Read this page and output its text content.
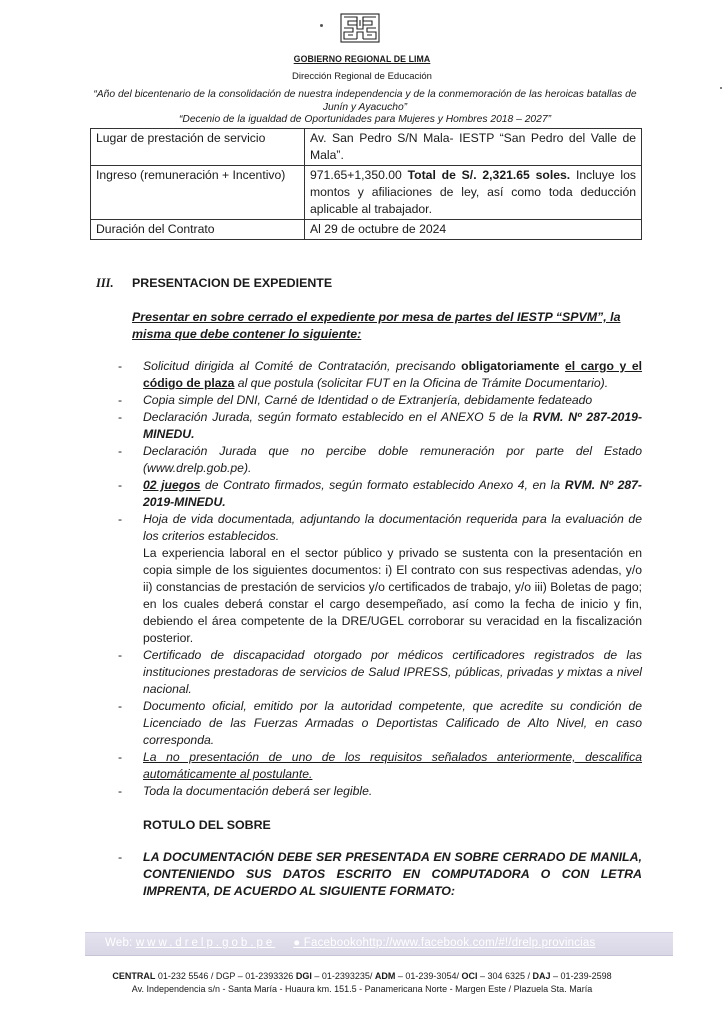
GOBIERNO REGIONAL DE LIMA
Dirección Regional de Educación
“Año del bicentenario de la consolidación de nuestra independencia y de la conmemoración de las heroicas batallas de Junín y Ayacucho”
“Decenio de la igualdad de Oportunidades para Mujeres y Hombres 2018 – 2027”
Lugar de prestación de servicio	Av. San Pedro S/N Mala- IESTP “San Pedro del Valle de Mala”.
Ingreso (remuneración + Incentivo)	971.65+1,350.00 Total de S/. 2,321.65 soles. Incluye los montos y afiliaciones de ley, así como toda deducción aplicable al trabajador.
Duración del Contrato	Al 29 de octubre de 2024
III. PRESENTACION DE EXPEDIENTE
Presentar en sobre cerrado el expediente por mesa de partes del IESTP “SPVM”, la misma que debe contener lo siguiente:
- Solicitud dirigida al Comité de Contratación, precisando obligatoriamente el cargo y el código de plaza al que postula (solicitar FUT en la Oficina de Trámite Documentario).
- Copia simple del DNI, Carné de Identidad o de Extranjería, debidamente fedateado
- Declaración Jurada, según formato establecido en el ANEXO 5 de la RVM. Nº 287-2019-MINEDU.
- Declaración Jurada que no percibe doble remuneración por parte del Estado (www.drelp.gob.pe).
- 02 juegos de Contrato firmados, según formato establecido Anexo 4, en la RVM. Nº 287-2019-MINEDU.
- Hoja de vida documentada, adjuntando la documentación requerida para la evaluación de los criterios establecidos.
La experiencia laboral en el sector público y privado se sustenta con la presentación en copia simple de los siguientes documentos: i) El contrato con sus respectivas adendas, y/o ii) constancias de prestación de servicios y/o certificados de trabajo, y/o iii) Boletas de pago; en los cuales deberá constar el cargo desempeñado, así como la fecha de inicio y fin, debiendo el área competente de la DRE/UGEL corroborar su veracidad en la fiscalización posterior.
- Certificado de discapacidad otorgado por médicos certificadores registrados de las instituciones prestadoras de servicios de Salud IPRESS, públicas, privadas y mixtas a nivel nacional.
- Documento oficial, emitido por la autoridad competente, que acredite su condición de Licenciado de las Fuerzas Armadas o Deportistas Calificado de Alto Nivel, en caso corresponda.
- La no presentación de uno de los requisitos señalados anteriormente, descalifica automáticamente al postulante.
- Toda la documentación deberá ser legible.
ROTULO DEL SOBRE
-	LA DOCUMENTACIÓN DEBE SER PRESENTADA EN SOBRE CERRADO DE MANILA, CONTENIENDO SUS DATOS ESCRITO EN COMPUTADORA O CON LETRA IMPRENTA, DE ACUERDO AL SIGUIENTE FORMATO:
Web: www.drelp.gob.pe ● Facebookohttp://www.facebook.com/#!/drelp.provincias
CENTRAL 01-232 5546 / DGP – 01-2393326 DGI – 01-2393235/ ADM – 01-239-3054/ OCI – 304 6325 / DAJ – 01-239-2598
Av. Independencia s/n - Santa María - Huaura km. 151.5 - Panamericana Norte - Margen Este / Plazuela Sta. María
